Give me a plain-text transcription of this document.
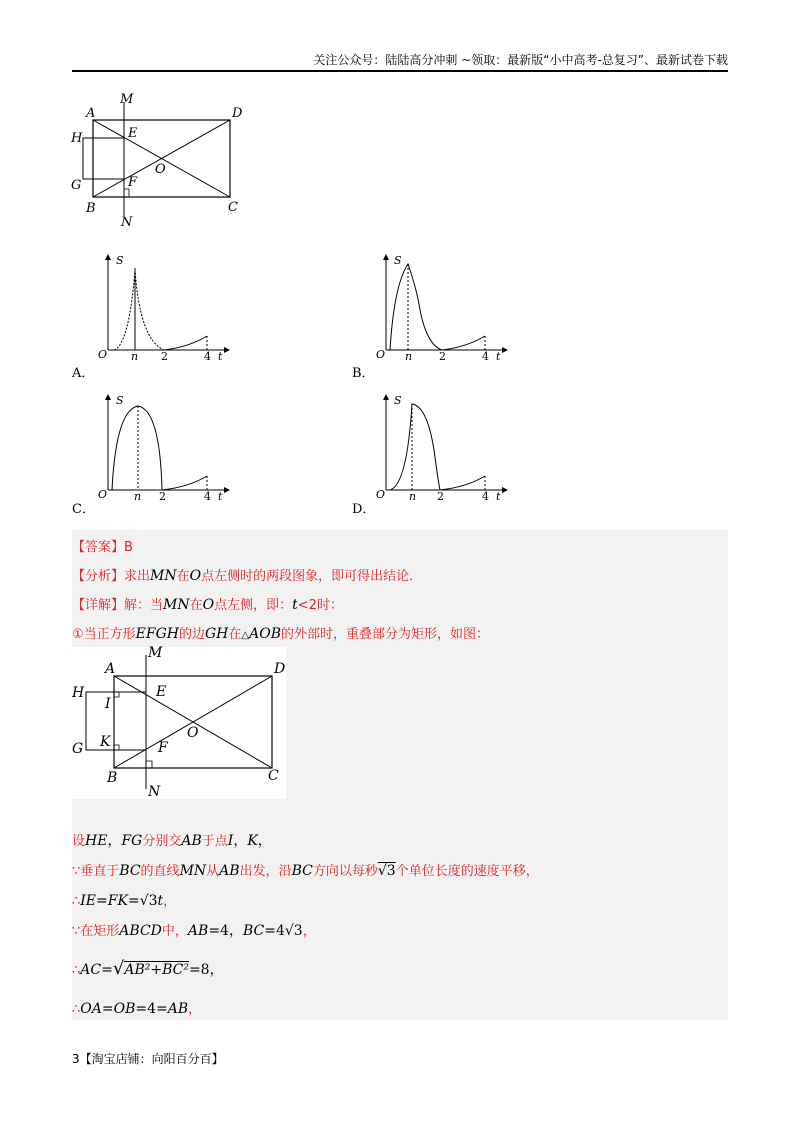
关注公众号：陆陆高分冲刺 ~领取：最新版“小中高考-总复习”、最新试卷下载
A
M
D
H	E
O
G	F
B	C
N
S
O n 2	4 t
A．
S
O n 2	4 t
B．
S
O n 2	4 t
C．
S
O n 2	4 t
D．
【答案】B
【分析】求出MN在O点左侧时的两段图象，即可得出结论．
【详解】解：当MN在O点左侧，即：t<2时：
①当正方形EFGH的边GH在△AOB的外部时，重叠部分为矩形，如图：
A
M
D
H
I
E
O
G K	F
B	C
N
设HE，FG分别交AB于点I，K，
∵垂直于BC的直线MN从AB出发，沿BC方向以每秒√3个单位长度的速度平移，
∴IE=FK=√3t，
∵在矩形ABCD中，AB=4，BC=4√3，
∴AC=√AB²+BC²=8，
∴OA=OB=4=AB，
3【淘宝店铺：向阳百分百】
